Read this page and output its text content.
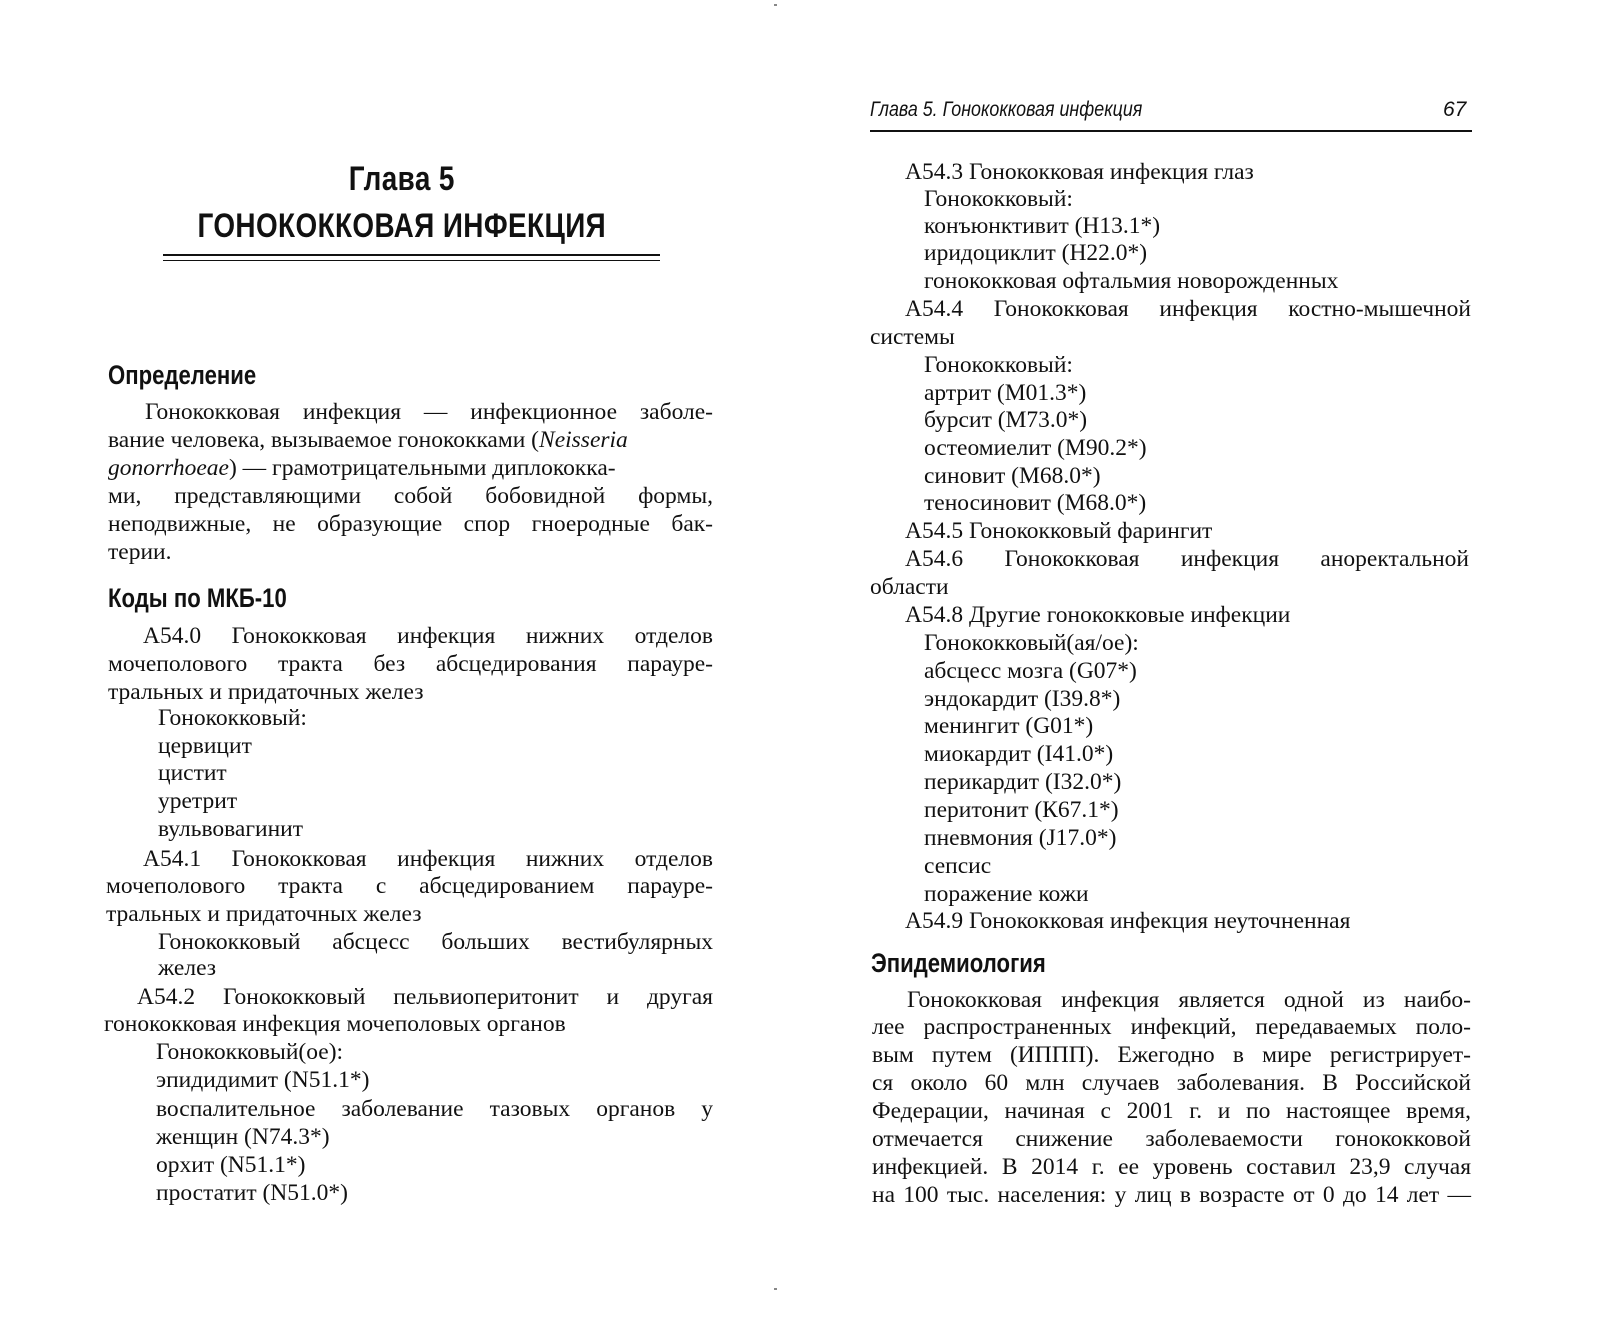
Глава 5
ГОНОКОККОВАЯ ИНФЕКЦИЯ
Определение
Гонококковая инфекция — инфекционное заболе-
вание человека, вызываемое гонококками (Neisseria
gonorrhoeae) — грамотрицательными диплококка-
ми, представляющими собой бобовидной формы,
неподвижные, не образующие спор гноеродные бак-
терии.
Коды по МКБ-10
А54.0 Гонококковая инфекция нижних отделов
мочеполового тракта без абсцедирования парауре-
тральных и придаточных желез
Гонококковый:
цервицит
цистит
уретрит
вульвовагинит
А54.1 Гонококковая инфекция нижних отделов
мочеполового тракта с абсцедированием парауре-
тральных и придаточных желез
Гонококковый абсцесс больших вестибулярных
желез
А54.2 Гонококковый пельвиоперитонит и другая
гонококковая инфекция мочеполовых органов
Гонококковый(ое):
эпидидимит (N51.1*)
воспалительное заболевание тазовых органов у
женщин (N74.3*)
орхит (N51.1*)
простатит (N51.0*)
Глава 5. Гонококковая инфекция	67
А54.3 Гонококковая инфекция глаз
Гонококковый:
конъюнктивит (Н13.1*)
иридоциклит (Н22.0*)
гонококковая офтальмия новорожденных
А54.4 Гонококковая инфекция костно-мышечной
системы
Гонококковый:
артрит (М01.3*)
бурсит (М73.0*)
остеомиелит (М90.2*)
синовит (М68.0*)
теносиновит (М68.0*)
А54.5 Гонококковый фарингит
А54.6 Гонококковая инфекция аноректальной
области
А54.8 Другие гонококковые инфекции
Гонококковый(ая/ое):
абсцесс мозга (G07*)
эндокардит (I39.8*)
менингит (G01*)
миокардит (I41.0*)
перикардит (I32.0*)
перитонит (К67.1*)
пневмония (J17.0*)
сепсис
поражение кожи
А54.9 Гонококковая инфекция неуточненная
Эпидемиология
Гонококковая инфекция является одной из наибо-
лее распространенных инфекций, передаваемых поло-
вым путем (ИППП). Ежегодно в мире регистрирует-
ся около 60 млн случаев заболевания. В Российской
Федерации, начиная с 2001 г. и по настоящее время,
отмечается снижение заболеваемости гонококковой
инфекцией. В 2014 г. ее уровень составил 23,9 случая
на 100 тыс. населения: у лиц в возрасте от 0 до 14 лет —
